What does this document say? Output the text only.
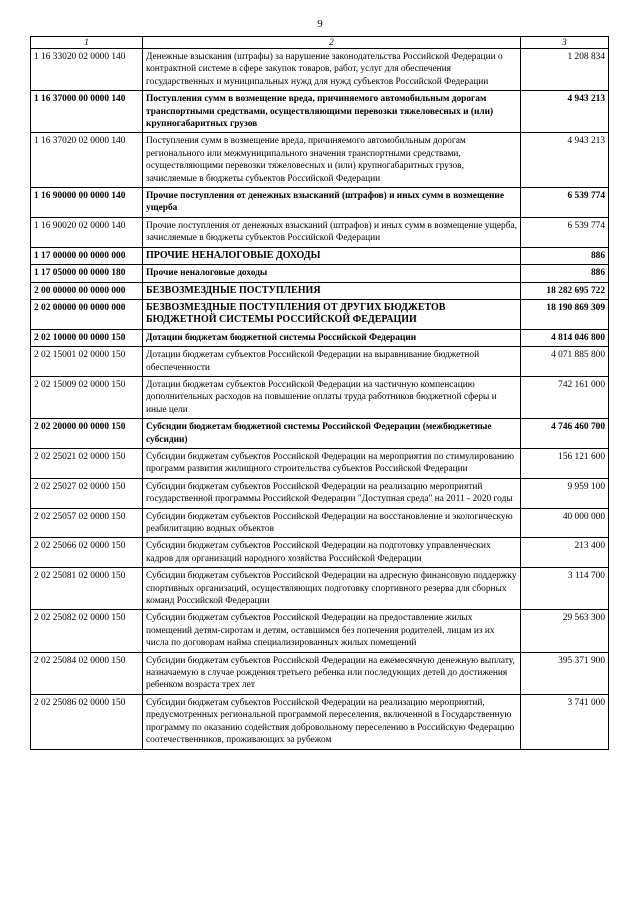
9
1	2	3
1 16 33020 02 0000 140	Денежные взыскания (штрафы) за нарушение законодательства Российской Федерации о контрактной системе в сфере закупок товаров, работ, услуг для обеспечения государственных и муниципальных нужд для нужд субъектов Российской Федерации	1 208 834
1 16 37000 00 0000 140	Поступления сумм в возмещение вреда, причиняемого автомобильным дорогам транспортными средствами, осуществляющими перевозки тяжеловесных и (или) крупногабаритных грузов	4 943 213
1 16 37020 02 0000 140	Поступления сумм в возмещение вреда, причиняемого автомобильным дорогам регионального или межмуниципального значения транспортными средствами, осуществляющими перевозки тяжеловесных и (или) крупногабаритных грузов, зачисляемые в бюджеты субъектов Российской Федерации	4 943 213
1 16 90000 00 0000 140	Прочие поступления от денежных взысканий (штрафов) и иных сумм в возмещение ущерба	6 539 774
1 16 90020 02 0000 140	Прочие поступления от денежных взысканий (штрафов) и иных сумм в возмещение ущерба, зачисляемые в бюджеты субъектов Российской Федерации	6 539 774
1 17 00000 00 0000 000	ПРОЧИЕ НЕНАЛОГОВЫЕ ДОХОДЫ	886
1 17 05000 00 0000 180	Прочие неналоговые доходы	886
2 00 00000 00 0000 000	БЕЗВОЗМЕЗДНЫЕ ПОСТУПЛЕНИЯ	18 282 695 722
2 02 00000 00 0000 000	БЕЗВОЗМЕЗДНЫЕ ПОСТУПЛЕНИЯ ОТ ДРУГИХ БЮДЖЕТОВ БЮДЖЕТНОЙ СИСТЕМЫ РОССИЙСКОЙ ФЕДЕРАЦИИ	18 190 869 309
2 02 10000 00 0000 150	Дотации бюджетам бюджетной системы Российской Федерации	4 814 046 800
2 02 15001 02 0000 150	Дотации бюджетам субъектов Российской Федерации на выравнивание бюджетной обеспеченности	4 071 885 800
2 02 15009 02 0000 150	Дотации бюджетам субъектов Российской Федерации на частичную компенсацию дополнительных расходов на повышение оплаты труда работников бюджетной сферы и иные цели	742 161 000
2 02 20000 00 0000 150	Субсидии бюджетам бюджетной системы Российской Федерации (межбюджетные субсидии)	4 746 460 700
2 02 25021 02 0000 150	Субсидии бюджетам субъектов Российской Федерации на мероприятия по стимулированию программ развития жилищного строительства субъектов Российской Федерации	156 121 600
2 02 25027 02 0000 150	Субсидии бюджетам субъектов Российской Федерации на реализацию мероприятий государственной программы Российской Федерации "Доступная среда" на 2011 - 2020 годы	9 959 100
2 02 25057 02 0000 150	Субсидии бюджетам субъектов Российской Федерации на восстановление и экологическую реабилитацию водных объектов	40 000 000
2 02 25066 02 0000 150	Субсидии бюджетам субъектов Российской Федерации на подготовку управленческих кадров для организаций народного хозяйства Российской Федерации	213 400
2 02 25081 02 0000 150	Субсидии бюджетам субъектов Российской Федерации на адресную финансовую поддержку спортивных организаций, осуществляющих подготовку спортивного резерва для сборных команд Российской Федерации	3 114 700
2 02 25082 02 0000 150	Субсидии бюджетам субъектов Российской Федерации на предоставление жилых помещений детям-сиротам и детям, оставшимся без попечения родителей, лицам из их числа по договорам найма специализированных жилых помещений	29 563 300
2 02 25084 02 0000 150	Субсидии бюджетам субъектов Российской Федерации на ежемесячную денежную выплату, назначаемую в случае рождения третьего ребенка или последующих детей до достижения ребенком возраста трех лет	395 371 900
2 02 25086 02 0000 150	Субсидии бюджетам субъектов Российской Федерации на реализацию мероприятий, предусмотренных региональной программой переселения, включенной в Государственную программу по оказанию содействия добровольному переселению в Российскую Федерацию соотечественников, проживающих за рубежом	3 741 000
